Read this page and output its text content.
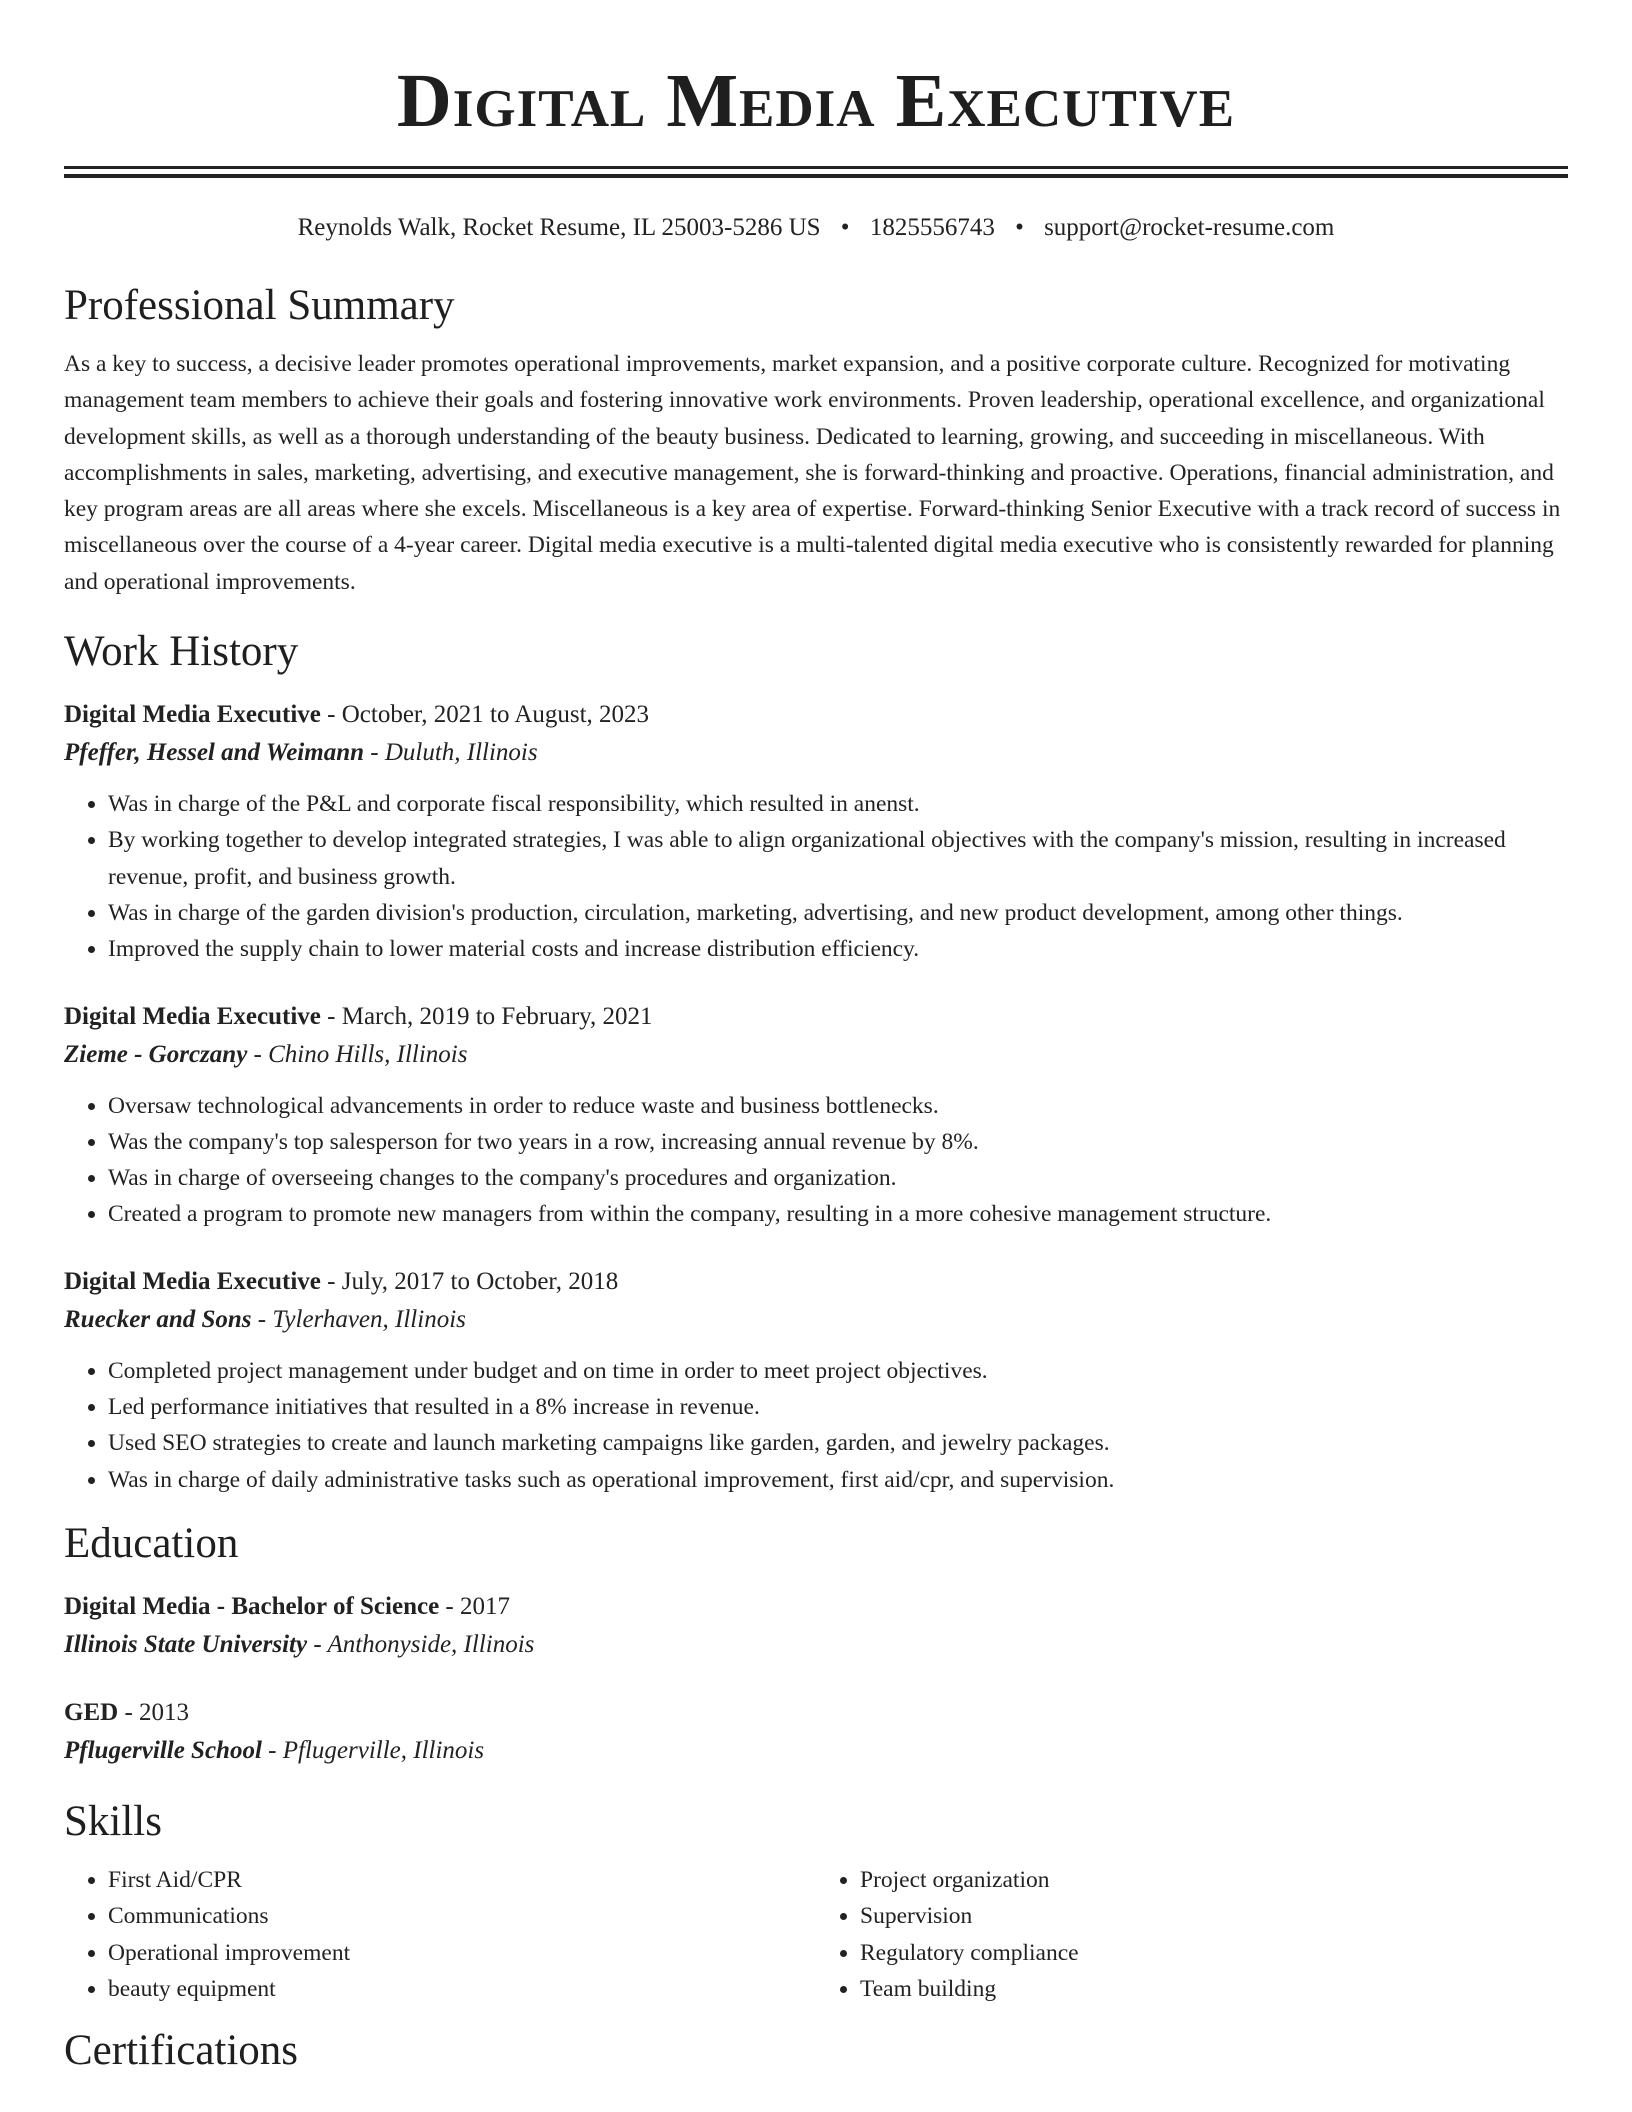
Digital Media Executive
Reynolds Walk, Rocket Resume, IL 25003-5286 US • 1825556743 • support@rocket-resume.com
Professional Summary
As a key to success, a decisive leader promotes operational improvements, market expansion, and a positive corporate culture. Recognized for motivating management team members to achieve their goals and fostering innovative work environments. Proven leadership, operational excellence, and organizational development skills, as well as a thorough understanding of the beauty business. Dedicated to learning, growing, and succeeding in miscellaneous. With accomplishments in sales, marketing, advertising, and executive management, she is forward-thinking and proactive. Operations, financial administration, and key program areas are all areas where she excels. Miscellaneous is a key area of expertise. Forward-thinking Senior Executive with a track record of success in miscellaneous over the course of a 4-year career. Digital media executive is a multi-talented digital media executive who is consistently rewarded for planning and operational improvements.
Work History
Digital Media Executive - October, 2021 to August, 2023
Pfeffer, Hessel and Weimann - Duluth, Illinois
• Was in charge of the P&L and corporate fiscal responsibility, which resulted in anenst.
• By working together to develop integrated strategies, I was able to align organizational objectives with the company's mission, resulting in increased revenue, profit, and business growth.
• Was in charge of the garden division's production, circulation, marketing, advertising, and new product development, among other things.
• Improved the supply chain to lower material costs and increase distribution efficiency.
Digital Media Executive - March, 2019 to February, 2021
Zieme - Gorczany - Chino Hills, Illinois
• Oversaw technological advancements in order to reduce waste and business bottlenecks.
• Was the company's top salesperson for two years in a row, increasing annual revenue by 8%.
• Was in charge of overseeing changes to the company's procedures and organization.
• Created a program to promote new managers from within the company, resulting in a more cohesive management structure.
Digital Media Executive - July, 2017 to October, 2018
Ruecker and Sons - Tylerhaven, Illinois
• Completed project management under budget and on time in order to meet project objectives.
• Led performance initiatives that resulted in a 8% increase in revenue.
• Used SEO strategies to create and launch marketing campaigns like garden, garden, and jewelry packages.
• Was in charge of daily administrative tasks such as operational improvement, first aid/cpr, and supervision.
Education
Digital Media - Bachelor of Science - 2017
Illinois State University - Anthonyside, Illinois
GED - 2013
Pflugerville School - Pflugerville, Illinois
Skills
• First Aid/CPR
• Communications
• Operational improvement
• beauty equipment
• Project organization
• Supervision
• Regulatory compliance
• Team building
Certifications
